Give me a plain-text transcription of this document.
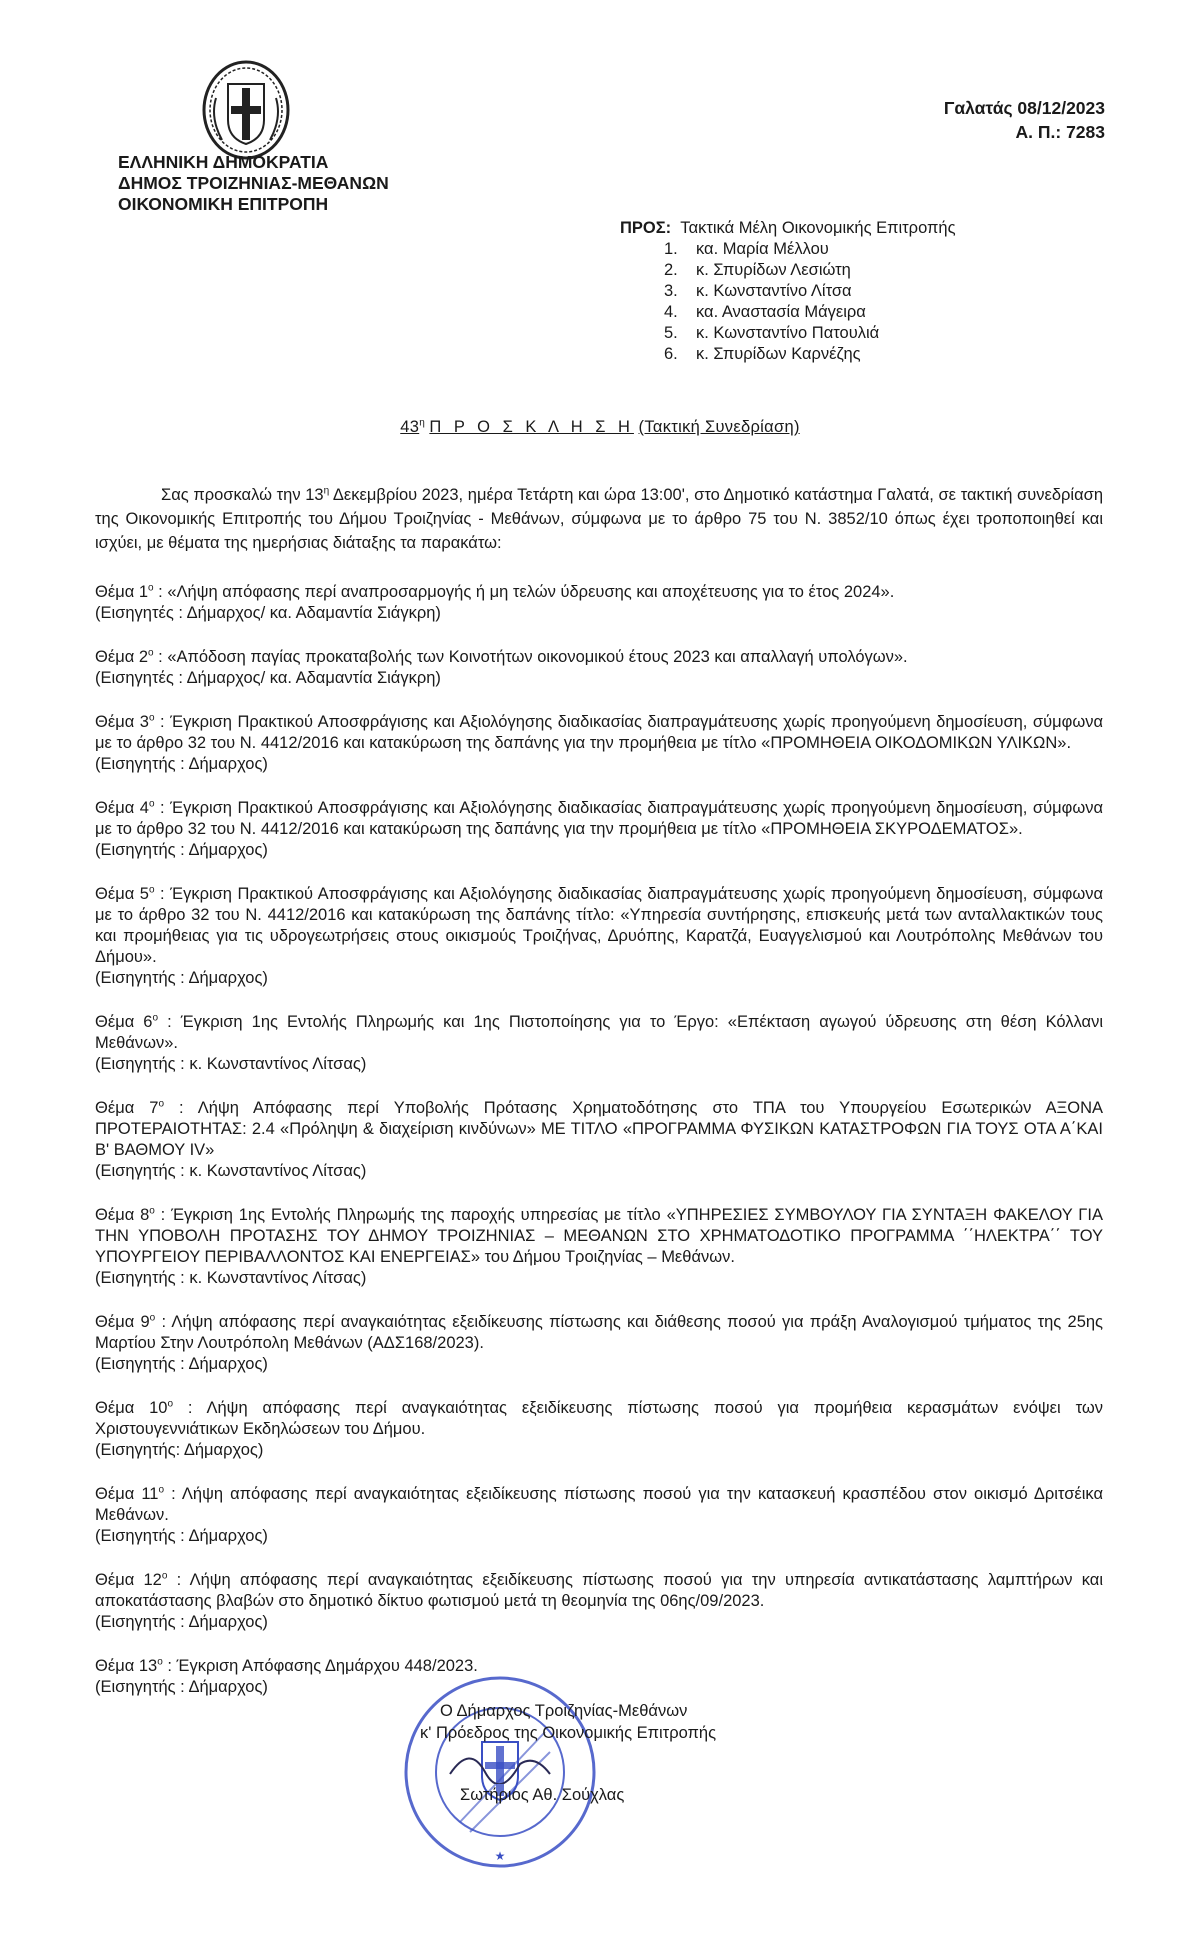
ΕΛΛΗΝΙΚΗ ΔΗΜΟΚΡΑΤΙΑ
ΔΗΜΟΣ ΤΡΟΙΖΗΝΙΑΣ-ΜΕΘΑΝΩΝ
ΟΙΚΟΝΟΜΙΚΗ ΕΠΙΤΡΟΠΗ
Γαλατάς 08/12/2023
Α. Π.: 7283
ΠΡΟΣ: Τακτικά Μέλη Οικονομικής Επιτροπής
1. κα. Μαρία Μέλλου
2. κ. Σπυρίδων Λεσιώτη
3. κ. Κωνσταντίνο Λίτσα
4. κα. Αναστασία Μάγειρα
5. κ. Κωνσταντίνο Πατουλιά
6. κ. Σπυρίδων Καρνέζης
$43^\eta$ Π Ρ Ο Σ Κ Λ Η Σ Η (Τακτική Συνεδρίαση)
Σας προσκαλώ την $13^\eta$ Δεκεμβρίου 2023, ημέρα Τετάρτη και ώρα 13:00', στο Δημοτικό κατάστημα Γαλατά, σε τακτική συνεδρίαση της Οικονομικής Επιτροπής του Δήμου Τροιζηνίας - Μεθάνων, σύμφωνα με το άρθρο 75 του Ν. 3852/10 όπως έχει τροποποιηθεί και ισχύει, με θέματα της ημερήσιας διάταξης τα παρακάτω:

Θέμα $1^o$ : «Λήψη απόφασης περί αναπροσαρμογής ή μη τελών ύδρευσης και αποχέτευσης για το έτος 2024».

(Εισηγητές : Δήμαρχος/ κα. Αδαμαντία Σιάγκρη)

Θέμα $2^o$ : «Απόδοση παγίας προκαταβολής των Κοινοτήτων οικονομικού έτους 2023 και απαλλαγή υπολόγων».

(Εισηγητές : Δήμαρχος/ κα. Αδαμαντία Σιάγκρη)

Θέμα $3^o$ : Έγκριση Πρακτικού Αποσφράγισης και Αξιολόγησης διαδικασίας διαπραγμάτευσης χωρίς προηγούμενη δημοσίευση, σύμφωνα με το άρθρο 32 του Ν. 4412/2016 και κατακύρωση της δαπάνης για την προμήθεια με τίτλο «ΠΡΟΜΗΘΕΙΑ ΟΙΚΟΔΟΜΙΚΩΝ ΥΛΙΚΩΝ».

(Εισηγητής : Δήμαρχος)

Θέμα $4^o$ : Έγκριση Πρακτικού Αποσφράγισης και Αξιολόγησης διαδικασίας διαπραγμάτευσης χωρίς προηγούμενη δημοσίευση, σύμφωνα με το άρθρο 32 του Ν. 4412/2016 και κατακύρωση της δαπάνης για την προμήθεια με τίτλο «ΠΡΟΜΗΘΕΙΑ ΣΚΥΡΟΔΕΜΑΤΟΣ».

(Εισηγητής : Δήμαρχος)

Θέμα $5^o$ : Έγκριση Πρακτικού Αποσφράγισης και Αξιολόγησης διαδικασίας διαπραγμάτευσης χωρίς προηγούμενη δημοσίευση, σύμφωνα με το άρθρο 32 του Ν. 4412/2016 και κατακύρωση της δαπάνης τίτλο: «Υπηρεσία συντήρησης, επισκευής μετά των ανταλλακτικών τους και προμήθειας για τις υδρογεωτρήσεις στους οικισμούς Τροιζήνας, Δρυόπης, Καρατζά, Ευαγγελισμού και Λουτρόπολης Μεθάνων του Δήμου».

(Εισηγητής : Δήμαρχος)

Θέμα $6^o$ : Έγκριση 1ης Εντολής Πληρωμής και 1ης Πιστοποίησης για το Έργο: «Επέκταση αγωγού ύδρευσης στη θέση Κόλλανι Μεθάνων».

(Εισηγητής : κ. Κωνσταντίνος Λίτσας)

Θέμα $7^o$ : Λήψη Απόφασης περί Υποβολής Πρότασης Χρηματοδότησης στο ΤΠΑ του Υπουργείου Εσωτερικών ΑΞΟΝΑ ΠΡΟΤΕΡΑΙΟΤΗΤΑΣ: 2.4 «Πρόληψη & διαχείριση κινδύνων» ΜΕ ΤΙΤΛΟ «ΠΡΟΓΡΑΜΜΑ ΦΥΣΙΚΩΝ ΚΑΤΑΣΤΡΟΦΩΝ ΓΙΑ ΤΟΥΣ ΟΤΑ Α΄ΚΑΙ Β' ΒΑΘΜΟΥ IV»

(Εισηγητής : κ. Κωνσταντίνος Λίτσας)

Θέμα $8^o$ : Έγκριση 1ης Εντολής Πληρωμής της παροχής υπηρεσίας με τίτλο «ΥΠΗΡΕΣΙΕΣ ΣΥΜΒΟΥΛΟΥ ΓΙΑ ΣΥΝΤΑΞΗ ΦΑΚΕΛΟΥ ΓΙΑ ΤΗΝ ΥΠΟΒΟΛΗ ΠΡΟΤΑΣΗΣ ΤΟΥ ΔΗΜΟΥ ΤΡΟΙΖΗΝΙΑΣ – ΜΕΘΑΝΩΝ ΣΤΟ ΧΡΗΜΑΤΟΔΟΤΙΚΟ ΠΡΟΓΡΑΜΜΑ ΄΄ΗΛΕΚΤΡΑ΄΄ ΤΟΥ ΥΠΟΥΡΓΕΙΟΥ ΠΕΡΙΒΑΛΛΟΝΤΟΣ ΚΑΙ ΕΝΕΡΓΕΙΑΣ» του Δήμου Τροιζηνίας – Μεθάνων.

(Εισηγητής : κ. Κωνσταντίνος Λίτσας)

Θέμα $9^o$ : Λήψη απόφασης περί αναγκαιότητας εξειδίκευσης πίστωσης και διάθεσης ποσού για πράξη Αναλογισμού τμήματος της 25ης Μαρτίου Στην Λουτρόπολη Μεθάνων (ΑΔΣ168/2023).

(Εισηγητής : Δήμαρχος)

Θέμα $10^o$ : Λήψη απόφασης περί αναγκαιότητας εξειδίκευσης πίστωσης ποσού για προμήθεια κερασμάτων ενόψει των Χριστουγεννιάτικων Εκδηλώσεων του Δήμου.

(Εισηγητής: Δήμαρχος)

Θέμα $11^o$ : Λήψη απόφασης περί αναγκαιότητας εξειδίκευσης πίστωσης ποσού για την κατασκευή κρασπέδου στον οικισμό Δριτσέικα Μεθάνων.

(Εισηγητής : Δήμαρχος)

Θέμα $12^o$ : Λήψη απόφασης περί αναγκαιότητας εξειδίκευσης πίστωσης ποσού για την υπηρεσία αντικατάστασης λαμπτήρων και αποκατάστασης βλαβών στο δημοτικό δίκτυο φωτισμού μετά τη θεομηνία της 06ης/09/2023.

(Εισηγητής : Δήμαρχος)

Θέμα $13^o$ : Έγκριση Απόφασης Δημάρχου 448/2023.

(Εισηγητής : Δήμαρχος)

★
Ο Δήμαρχος Τροιζηνίας-Μεθάνων
κ' Πρόεδρος της Οικονομικής Επιτροπής
Σωτήριος Αθ. Σούχλας
